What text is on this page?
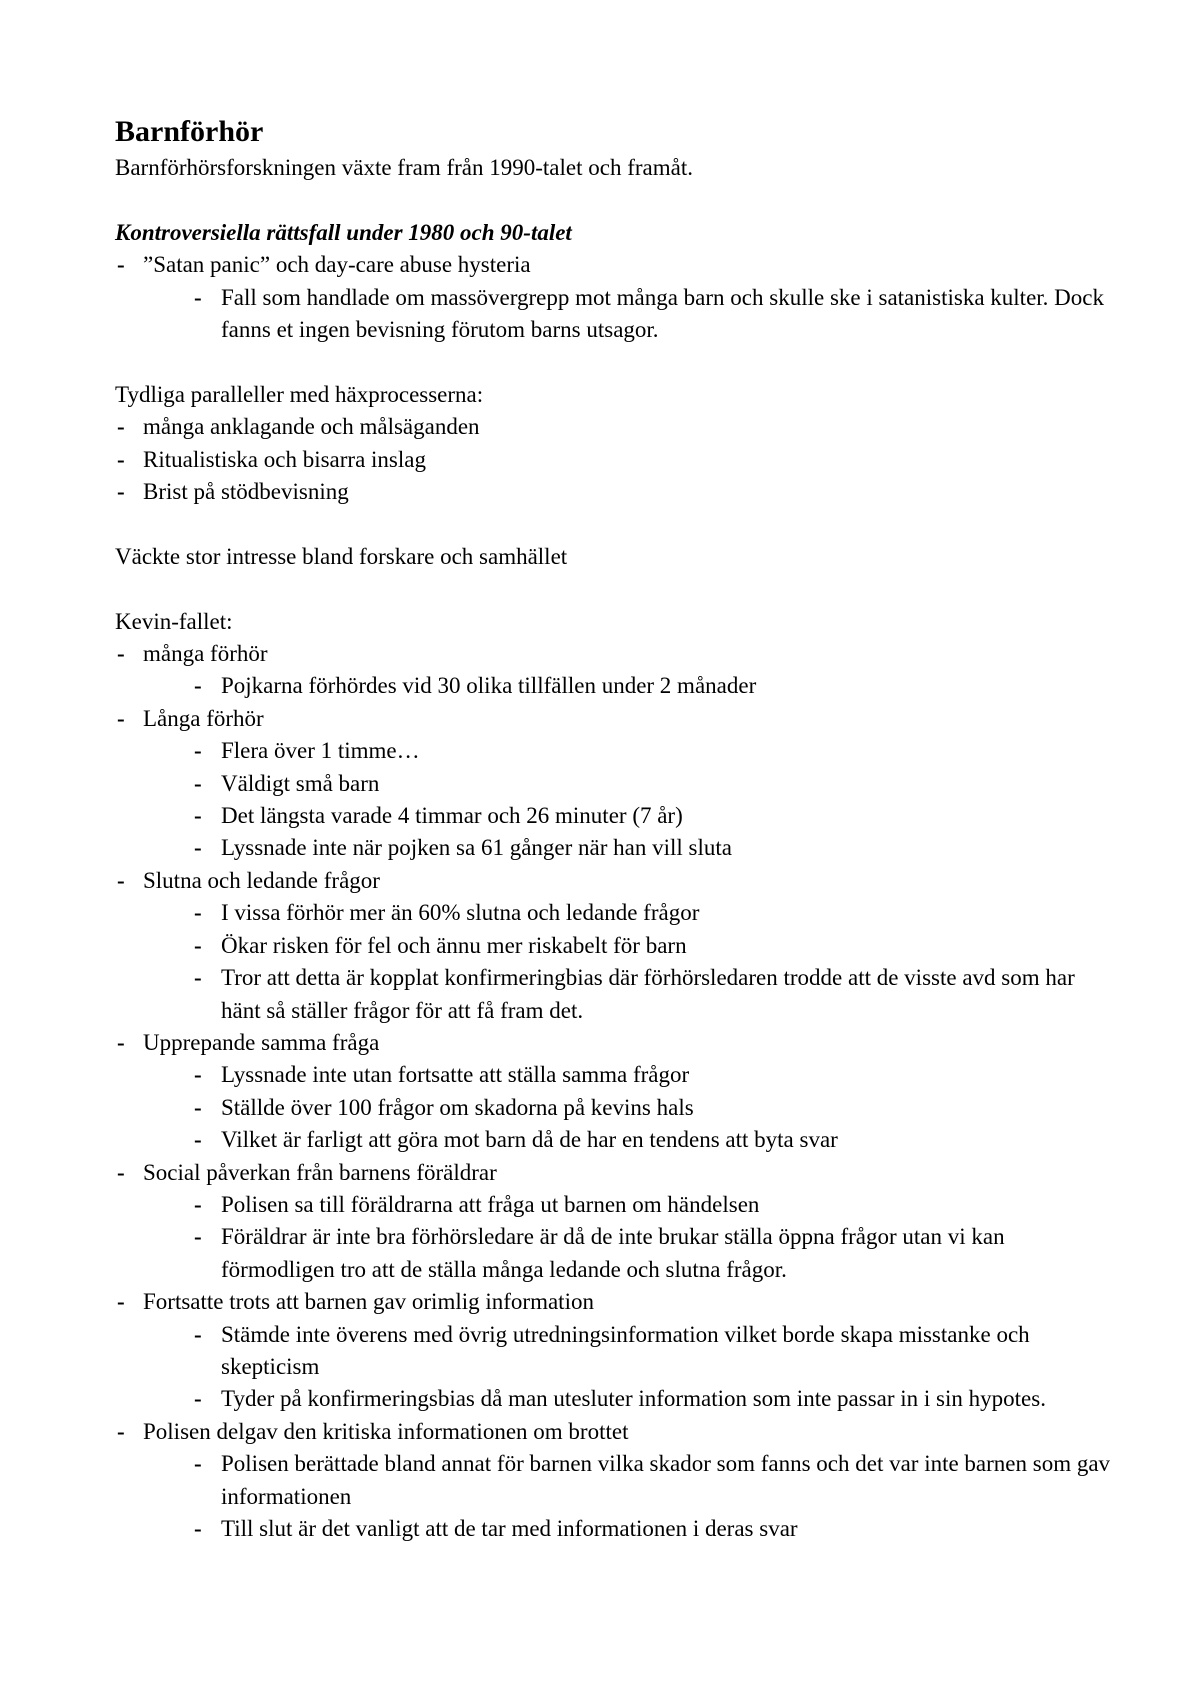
Barnförhör

Barnförhörsforskningen växte fram från 1990-talet och framåt.

Kontroversiella rättsfall under 1980 och 90-talet

- ”Satan panic” och day-care abuse hysteria
- Fall som handlade om massövergrepp mot många barn och skulle ske i satanistiska kulter. Dock fanns et ingen bevisning förutom barns utsagor.

Tydliga paralleller med häxprocesserna:

- många anklagande och målsäganden
- Ritualistiska och bisarra inslag
- Brist på stödbevisning

Väckte stor intresse bland forskare och samhället

Kevin-fallet:

- många förhör
- Pojkarna förhördes vid 30 olika tillfällen under 2 månader
- Långa förhör
- Flera över 1 timme…
- Väldigt små barn
- Det längsta varade 4 timmar och 26 minuter (7 år)
- Lyssnade inte när pojken sa 61 gånger när han vill sluta
- Slutna och ledande frågor
- I vissa förhör mer än 60% slutna och ledande frågor
- Ökar risken för fel och ännu mer riskabelt för barn
- Tror att detta är kopplat konfirmeringbias där förhörsledaren trodde att de visste avd som har hänt så ställer frågor för att få fram det.
- Upprepande samma fråga
- Lyssnade inte utan fortsatte att ställa samma frågor
- Ställde över 100 frågor om skadorna på kevins hals
- Vilket är farligt att göra mot barn då de har en tendens att byta svar
- Social påverkan från barnens föräldrar
- Polisen sa till föräldrarna att fråga ut barnen om händelsen
- Föräldrar är inte bra förhörsledare är då de inte brukar ställa öppna frågor utan vi kan förmodligen tro att de ställa många ledande och slutna frågor.
- Fortsatte trots att barnen gav orimlig information
- Stämde inte överens med övrig utredningsinformation vilket borde skapa misstanke och skepticism
- Tyder på konfirmeringsbias då man utesluter information som inte passar in i sin hypotes.
- Polisen delgav den kritiska informationen om brottet
- Polisen berättade bland annat för barnen vilka skador som fanns och det var inte barnen som gav informationen
- Till slut är det vanligt att de tar med informationen i deras svar
